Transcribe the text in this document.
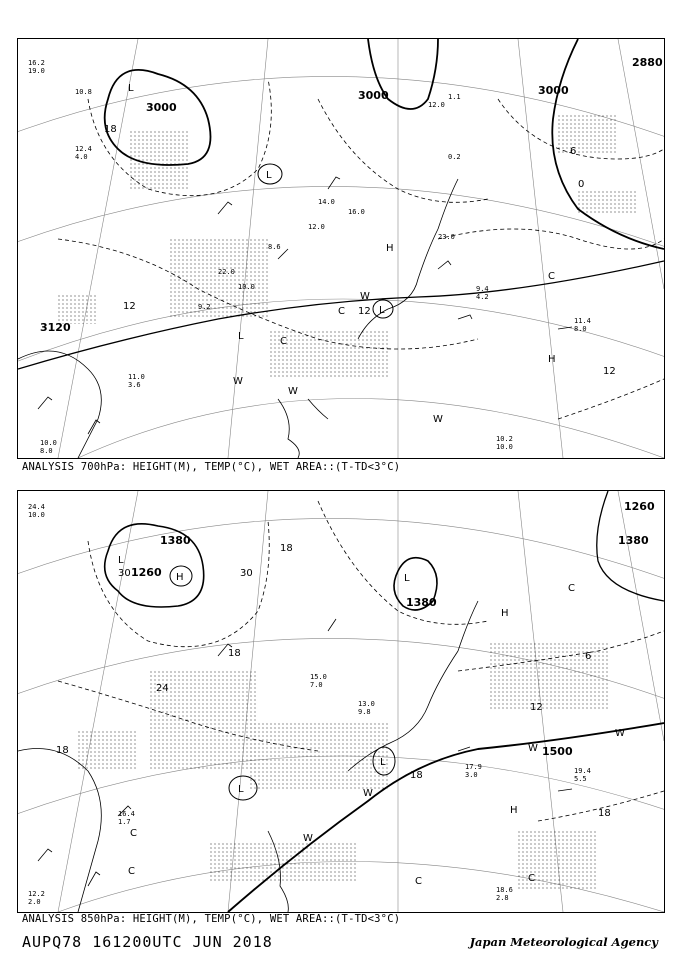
3000
3000	3000
2880
3120
18
12
6
0
12
12
L
L
L
L
H
H
W
W
W
W
C
C
C
16.2
19.0
10.8
12.4
4.0
9.4
4.2
11.4
8.0
10.2
10.0
11.0
3.6
10.0
8.0
14.0
16.0
12.0
8.6
22.0
10.0
9.2
0.2
1.1
12.0
23.0
ANALYSIS 700hPa: HEIGHT(M), TEMP(°C), WET AREA::(T-TD<3°C)
1380
1260
1380
1260
1500
1380
30
18
24
18
30
12
18
18
6
18
L
H
L
L
L
H
H
W
W
W
W
C
C
C	C
C
24.4
10.0
17.9
3.0	19.4
5.5
18.6
2.8
12.2
2.0
16.4
1.7
13.0
9.8
15.0
7.0
ANALYSIS 850hPa: HEIGHT(M), TEMP(°C), WET AREA::(T-TD<3°C)
AUPQ78 161200UTC JUN 2018	Japan Meteorological Agency
